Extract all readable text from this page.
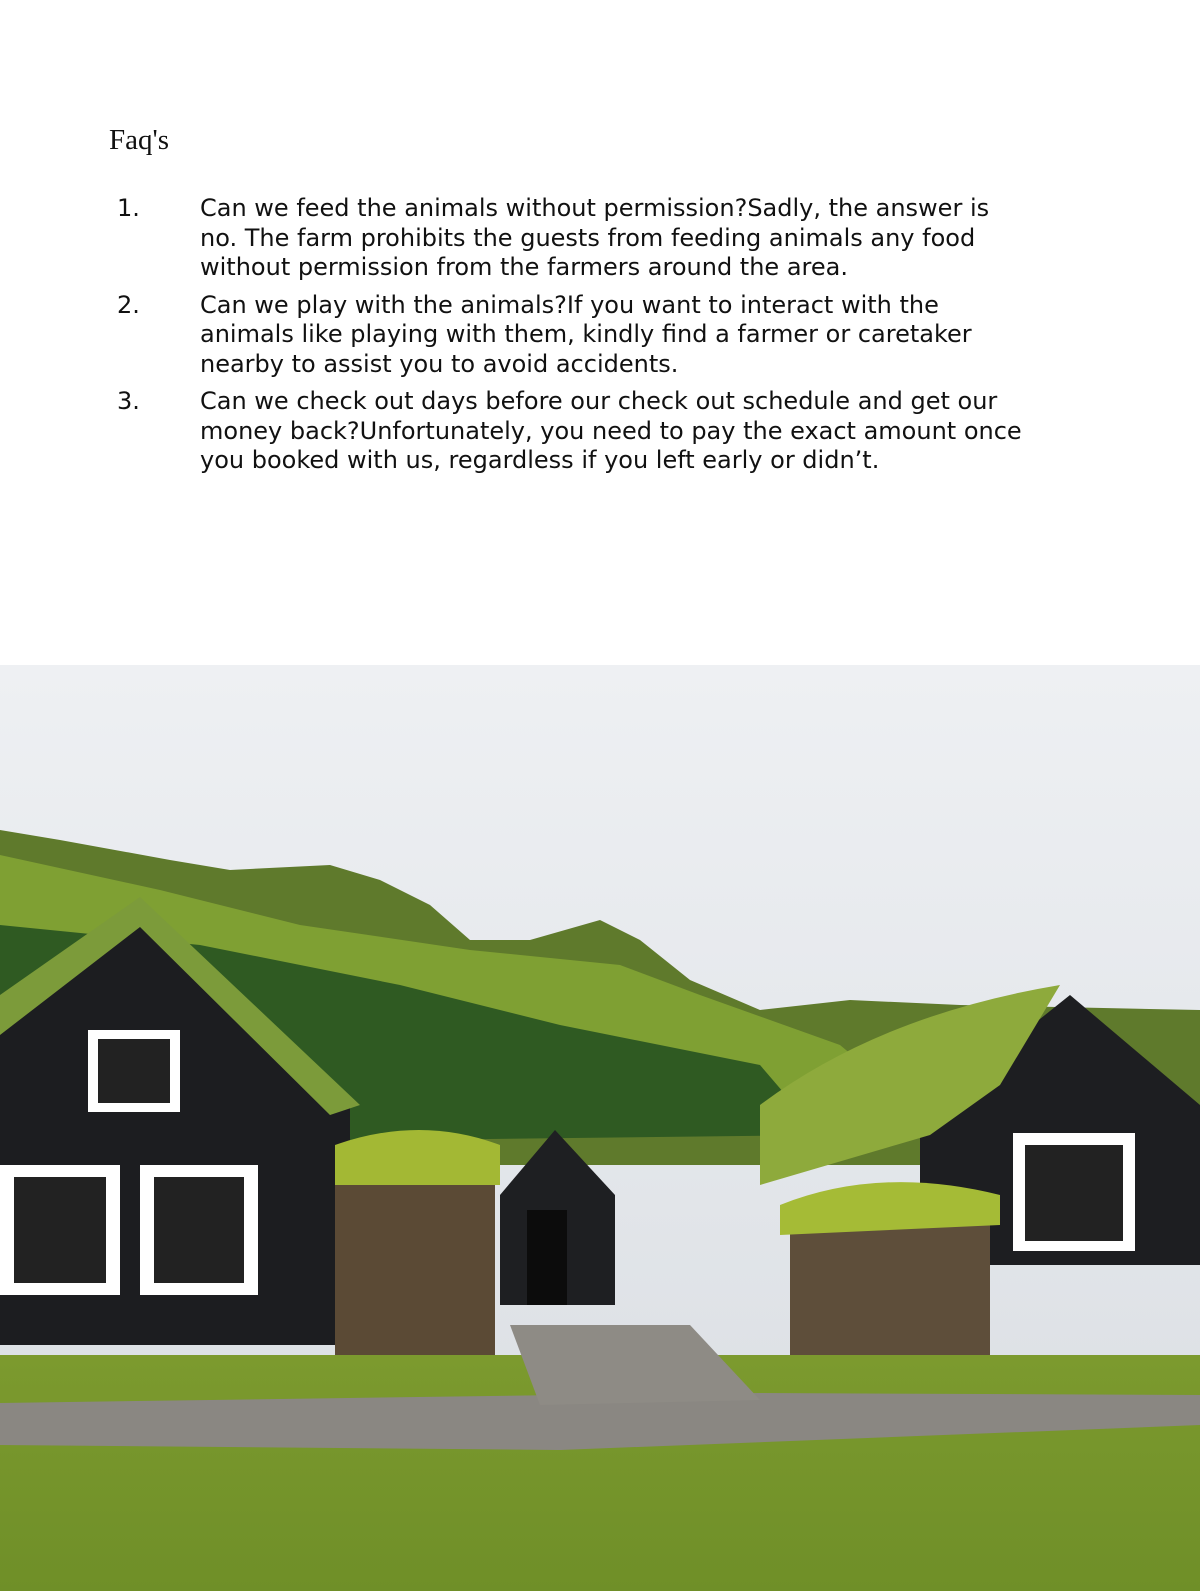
Faq's
1.	Can we feed the animals without permission?Sadly, the answer is no. The farm prohibits the guests from feeding animals any food without permission from the farmers around the area.
2.	Can we play with the animals?If you want to interact with the animals like playing with them, kindly find a farmer or caretaker nearby to assist you to avoid accidents.
3.	Can we check out days before our check out schedule and get our money back?Unfortunately, you need to pay the exact amount once you booked with us, regardless if you left early or didn’t.
